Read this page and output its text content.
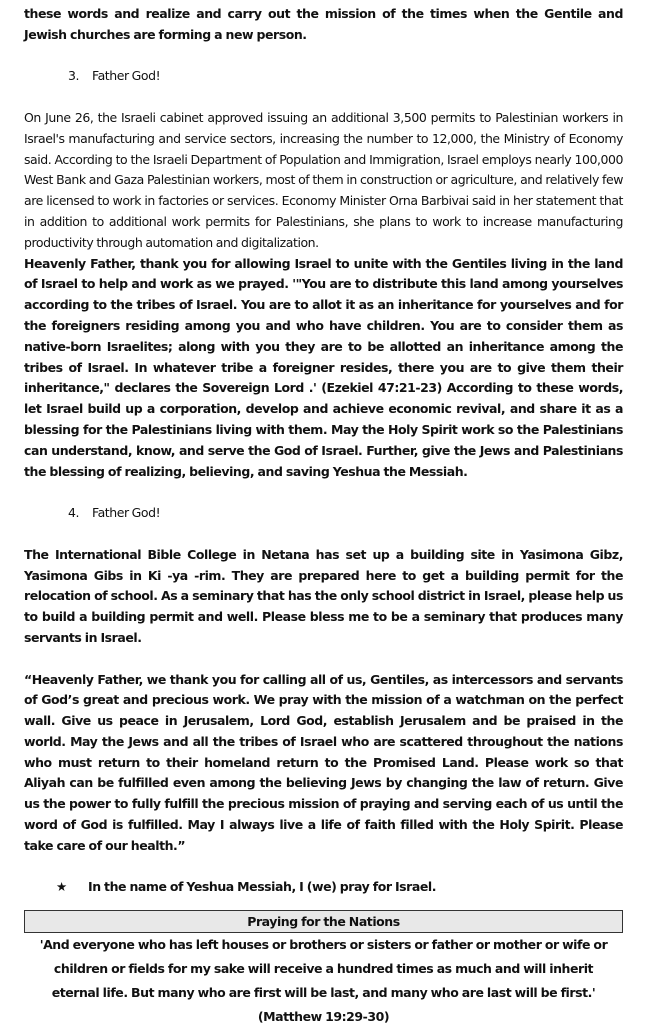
these words and realize and carry out the mission of the times when the Gentile and Jewish churches are forming a new person.

3. Father God!

On June 26, the Israeli cabinet approved issuing an additional 3,500 permits to Palestinian workers in Israel's manufacturing and service sectors, increasing the number to 12,000, the Ministry of Economy said. According to the Israeli Department of Population and Immigration, Israel employs nearly 100,000 West Bank and Gaza Palestinian workers, most of them in construction or agriculture, and relatively few are licensed to work in factories or services. Economy Minister Orna Barbivai said in her statement that in addition to additional work permits for Palestinians, she plans to work to increase manufacturing productivity through automation and digitalization.

Heavenly Father, thank you for allowing Israel to unite with the Gentiles living in the land of Israel to help and work as we prayed. '"You are to distribute this land among yourselves according to the tribes of Israel. You are to allot it as an inheritance for yourselves and for the foreigners residing among you and who have children. You are to consider them as native-born Israelites; along with you they are to be allotted an inheritance among the tribes of Israel. In whatever tribe a foreigner resides, there you are to give them their inheritance," declares the Sovereign Lord .' (Ezekiel 47:21-23) According to these words, let Israel build up a corporation, develop and achieve economic revival, and share it as a blessing for the Palestinians living with them. May the Holy Spirit work so the Palestinians can understand, know, and serve the God of Israel. Further, give the Jews and Palestinians the blessing of realizing, believing, and saving Yeshua the Messiah.

4. Father God!

The International Bible College in Netana has set up a building site in Yasimona Gibz, Yasimona Gibs in Ki -ya -rim. They are prepared here to get a building permit for the relocation of school. As a seminary that has the only school district in Israel, please help us to build a building permit and well. Please bless me to be a seminary that produces many servants in Israel.

“Heavenly Father, we thank you for calling all of us, Gentiles, as intercessors and servants of God’s great and precious work. We pray with the mission of a watchman on the perfect wall. Give us peace in Jerusalem, Lord God, establish Jerusalem and be praised in the world. May the Jews and all the tribes of Israel who are scattered throughout the nations who must return to their homeland return to the Promised Land. Please work so that Aliyah can be fulfilled even among the believing Jews by changing the law of return. Give us the power to fully fulfill the precious mission of praying and serving each of us until the word of God is fulfilled. May I always live a life of faith filled with the Holy Spirit. Please take care of our health.”

★ In the name of Yeshua Messiah, I (we) pray for Israel.

Praying for the Nations

'And everyone who has left houses or brothers or sisters or father or mother or wife or children or fields for my sake will receive a hundred times as much and will inherit eternal life. But many who are first will be last, and many who are last will be first.' (Matthew 19:29-30)
